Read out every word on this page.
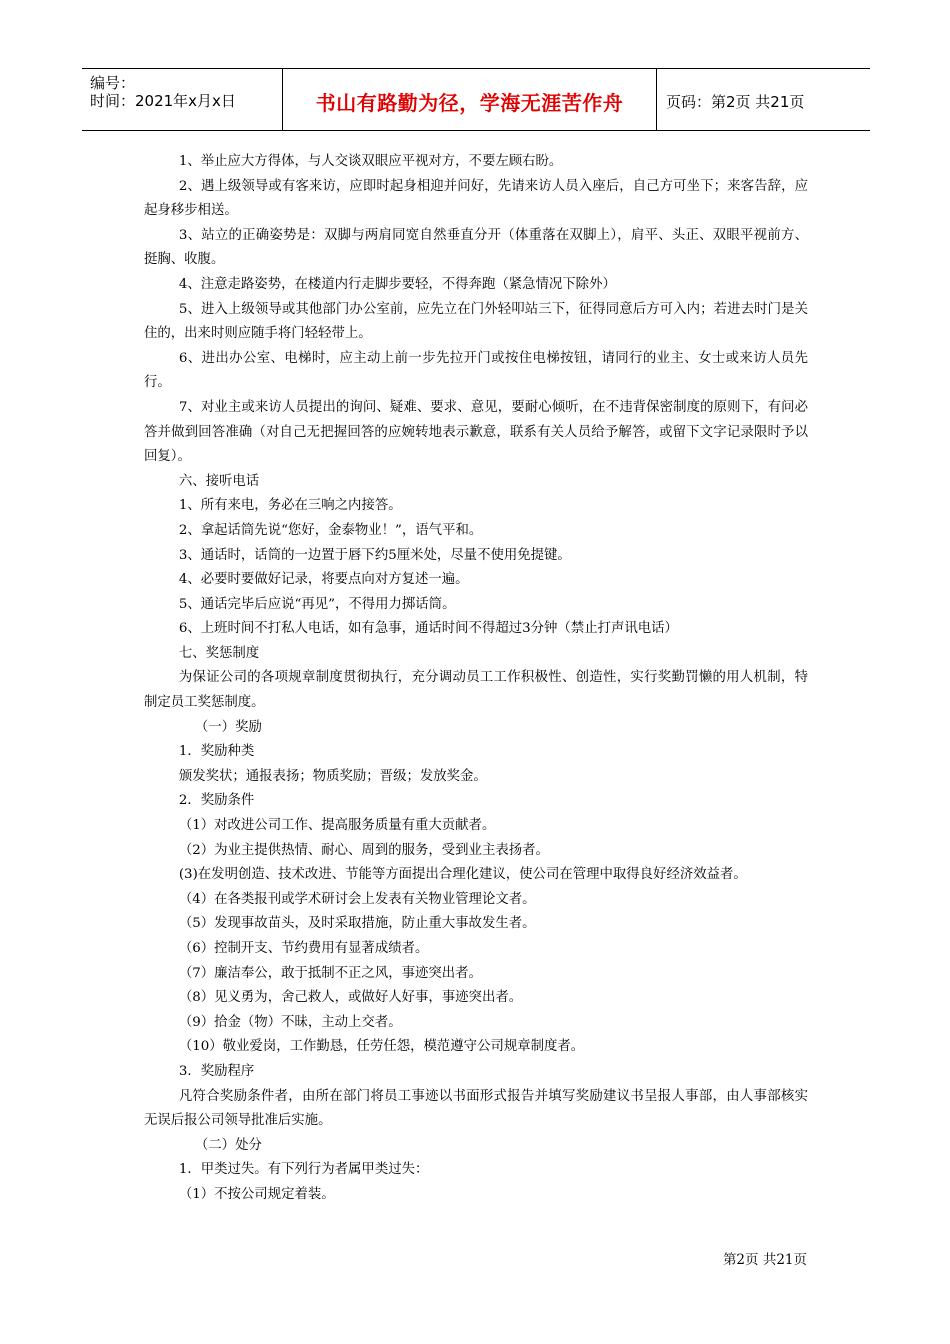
编号：
时间：2021年x月x日	书山有路勤为径，学海无涯苦作舟	页码：第2页 共21页

1、举止应大方得体，与人交谈双眼应平视对方，不要左顾右盼。

2、遇上级领导或有客来访，应即时起身相迎并问好，先请来访人员入座后，自己方可坐下；来客告辞，应起身移步相送。

3、站立的正确姿势是：双脚与两肩同宽自然垂直分开（体重落在双脚上），肩平、头正、双眼平视前方、挺胸、收腹。

4、注意走路姿势，在楼道内行走脚步要轻，不得奔跑（紧急情况下除外）

5、进入上级领导或其他部门办公室前，应先立在门外轻叩站三下，征得同意后方可入内；若进去时门是关住的，出来时则应随手将门轻轻带上。

6、进出办公室、电梯时，应主动上前一步先拉开门或按住电梯按钮，请同行的业主、女士或来访人员先行。

7、对业主或来访人员提出的询问、疑难、要求、意见，要耐心倾听，在不违背保密制度的原则下，有问必答并做到回答准确（对自己无把握回答的应婉转地表示歉意，联系有关人员给予解答，或留下文字记录限时予以回复）。

六、接听电话

1、所有来电，务必在三响之内接答。

2、拿起话筒先说“您好，金泰物业！”，语气平和。

3、通话时，话筒的一边置于唇下约5厘米处，尽量不使用免提键。

4、必要时要做好记录，将要点向对方复述一遍。

5、通话完毕后应说“再见”，不得用力掷话筒。

6、上班时间不打私人电话，如有急事，通话时间不得超过3分钟（禁止打声讯电话）

七、奖惩制度

为保证公司的各项规章制度贯彻执行，充分调动员工工作积极性、创造性，实行奖勤罚懒的用人机制，特制定员工奖惩制度。

（一）奖励

1．奖励种类

颁发奖状；通报表扬；物质奖励；晋级；发放奖金。

2．奖励条件

（1）对改进公司工作、提高服务质量有重大贡献者。

（2）为业主提供热情、耐心、周到的服务，受到业主表扬者。

(3)在发明创造、技术改进、节能等方面提出合理化建议，使公司在管理中取得良好经济效益者。

（4）在各类报刊或学术研讨会上发表有关物业管理论文者。

（5）发现事故苗头，及时采取措施，防止重大事故发生者。

（6）控制开支、节约费用有显著成绩者。

（7）廉洁奉公，敢于抵制不正之风，事迹突出者。

（8）见义勇为，舍己救人，或做好人好事，事迹突出者。

（9）拾金（物）不昧，主动上交者。

（10）敬业爱岗，工作勤恳，任劳任怨，模范遵守公司规章制度者。

3．奖励程序

凡符合奖励条件者，由所在部门将员工事迹以书面形式报告并填写奖励建议书呈报人事部，由人事部核实无误后报公司领导批准后实施。

（二）处分

1．甲类过失。有下列行为者属甲类过失：

（1）不按公司规定着装。

第2页 共21页
